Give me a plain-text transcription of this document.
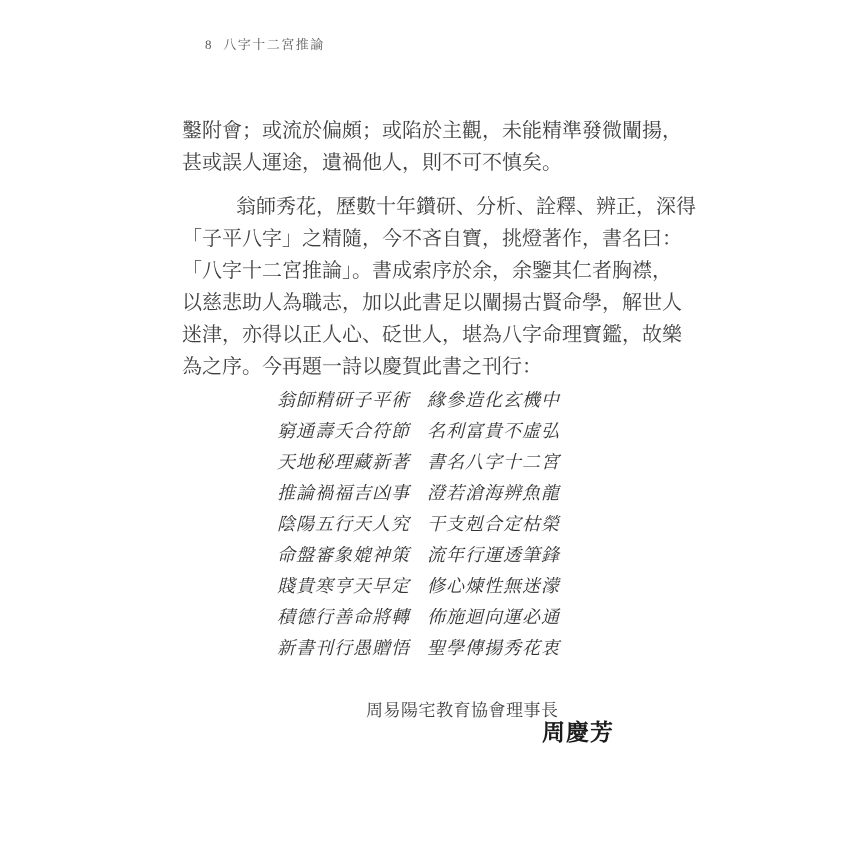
8 八字十二宮推論
鑿附會；或流於偏頗；或陷於主觀，未能精準發微闡揚，
甚或誤人運途，遺禍他人，則不可不慎矣。
翁師秀花，歷數十年鑽研、分析、詮釋、辨正，深得
「子平八字」之精隨，今不吝自寶，挑燈著作，書名曰：
「八字十二宮推論」。書成索序於余，余鑒其仁者胸襟，
以慈悲助人為職志，加以此書足以闡揚古賢命學，解世人
迷津，亦得以正人心、砭世人，堪為八字命理寶鑑，故樂
為之序。今再題一詩以慶賀此書之刊行：
翁師精研子平術 緣參造化玄機中
窮通壽夭合符節 名利富貴不虛弘
天地秘理藏新著 書名八字十二宮
推論禍福吉凶事 澄若滄海辨魚龍
陰陽五行天人究 干支剋合定枯榮
命盤審象媲神策 流年行運透筆鋒
賤貴寒亨天早定 修心煉性無迷濛
積德行善命將轉 佈施迴向運必通
新書刊行愚贈悟 聖學傳揚秀花衷
周易陽宅教育協會理事長
周慶芳
